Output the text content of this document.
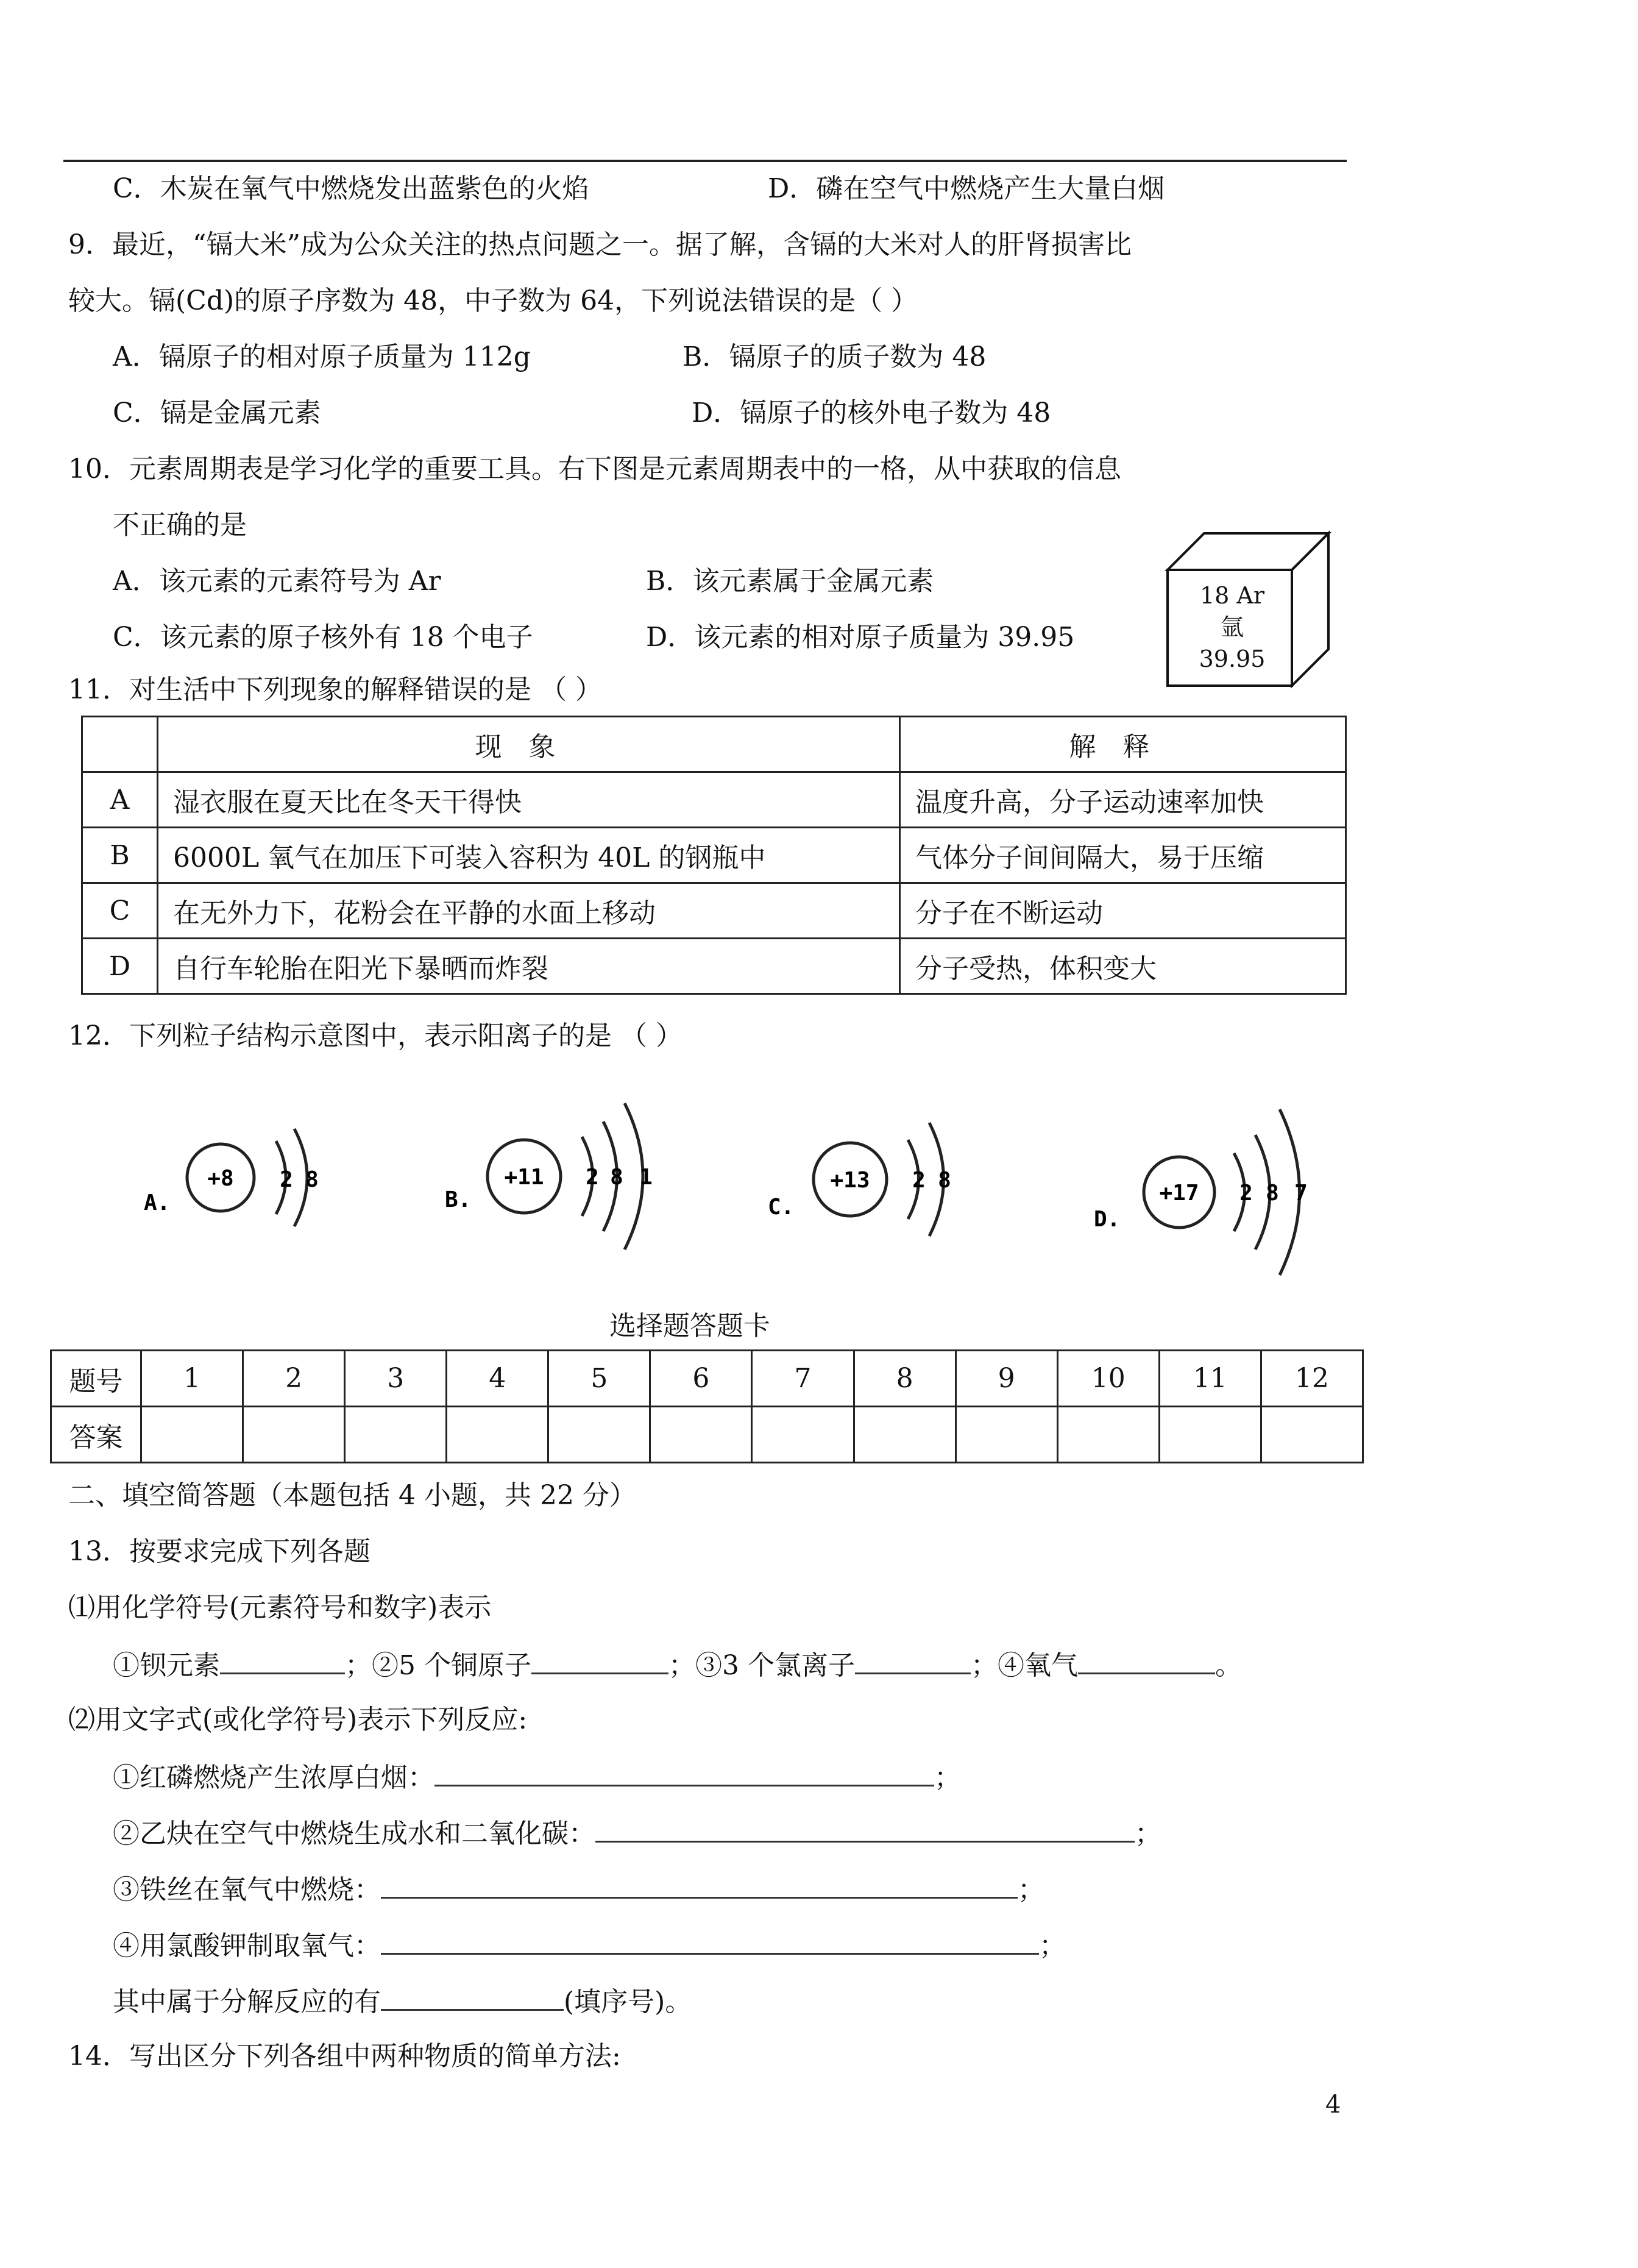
C．木炭在氧气中燃烧发出蓝紫色的火焰	D．磷在空气中燃烧产生大量白烟
9．最近，“镉大米”成为公众关注的热点问题之一。据了解，含镉的大米对人的肝肾损害比
较大。镉(Cd)的原子序数为 48，中子数为 64，下列说法错误的是（ ）
A．镉原子的相对原子质量为 112g	B．镉原子的质子数为 48
C．镉是金属元素	D．镉原子的核外电子数为 48
10．元素周期表是学习化学的重要工具。右下图是元素周期表中的一格，从中获取的信息
不正确的是
A．该元素的元素符号为 Ar	B．该元素属于金属元素
C．该元素的原子核外有 18 个电子	D．该元素的相对原子质量为 39.95
18 Ar
氩
39.95
11．对生活中下列现象的解释错误的是 （ ）
	现象	解释
A	湿衣服在夏天比在冬天干得快	温度升高，分子运动速率加快
B	6000L 氧气在加压下可装入容积为 40L 的钢瓶中	气体分子间间隔大，易于压缩
C	在无外力下，花粉会在平静的水面上移动	分子在不断运动
D	自行车轮胎在阳光下暴晒而炸裂	分子受热，体积变大
12．下列粒子结构示意图中，表示阳离子的是 （ ）
A.
+8 2 8
B.
+11 2 8 1
C.
+13 2 8
D.
+17 2 8 7
选择题答题卡
题号	1	2	3	4	5	6	7	8	9	10	11	12
答案												
二、填空简答题（本题包括 4 小题，共 22 分）
13．按要求完成下列各题
⑴用化学符号(元素符号和数字)表示
①钡元素	；②5 个铜原子	；③3 个氯离子	；④氧气	。
⑵用文字式(或化学符号)表示下列反应:
①红磷燃烧产生浓厚白烟：	；
②乙炔在空气中燃烧生成水和二氧化碳：	；
③铁丝在氧气中燃烧：	；
④用氯酸钾制取氧气：	；
其中属于分解反应的有	(填序号)。
14．写出区分下列各组中两种物质的简单方法:
4
